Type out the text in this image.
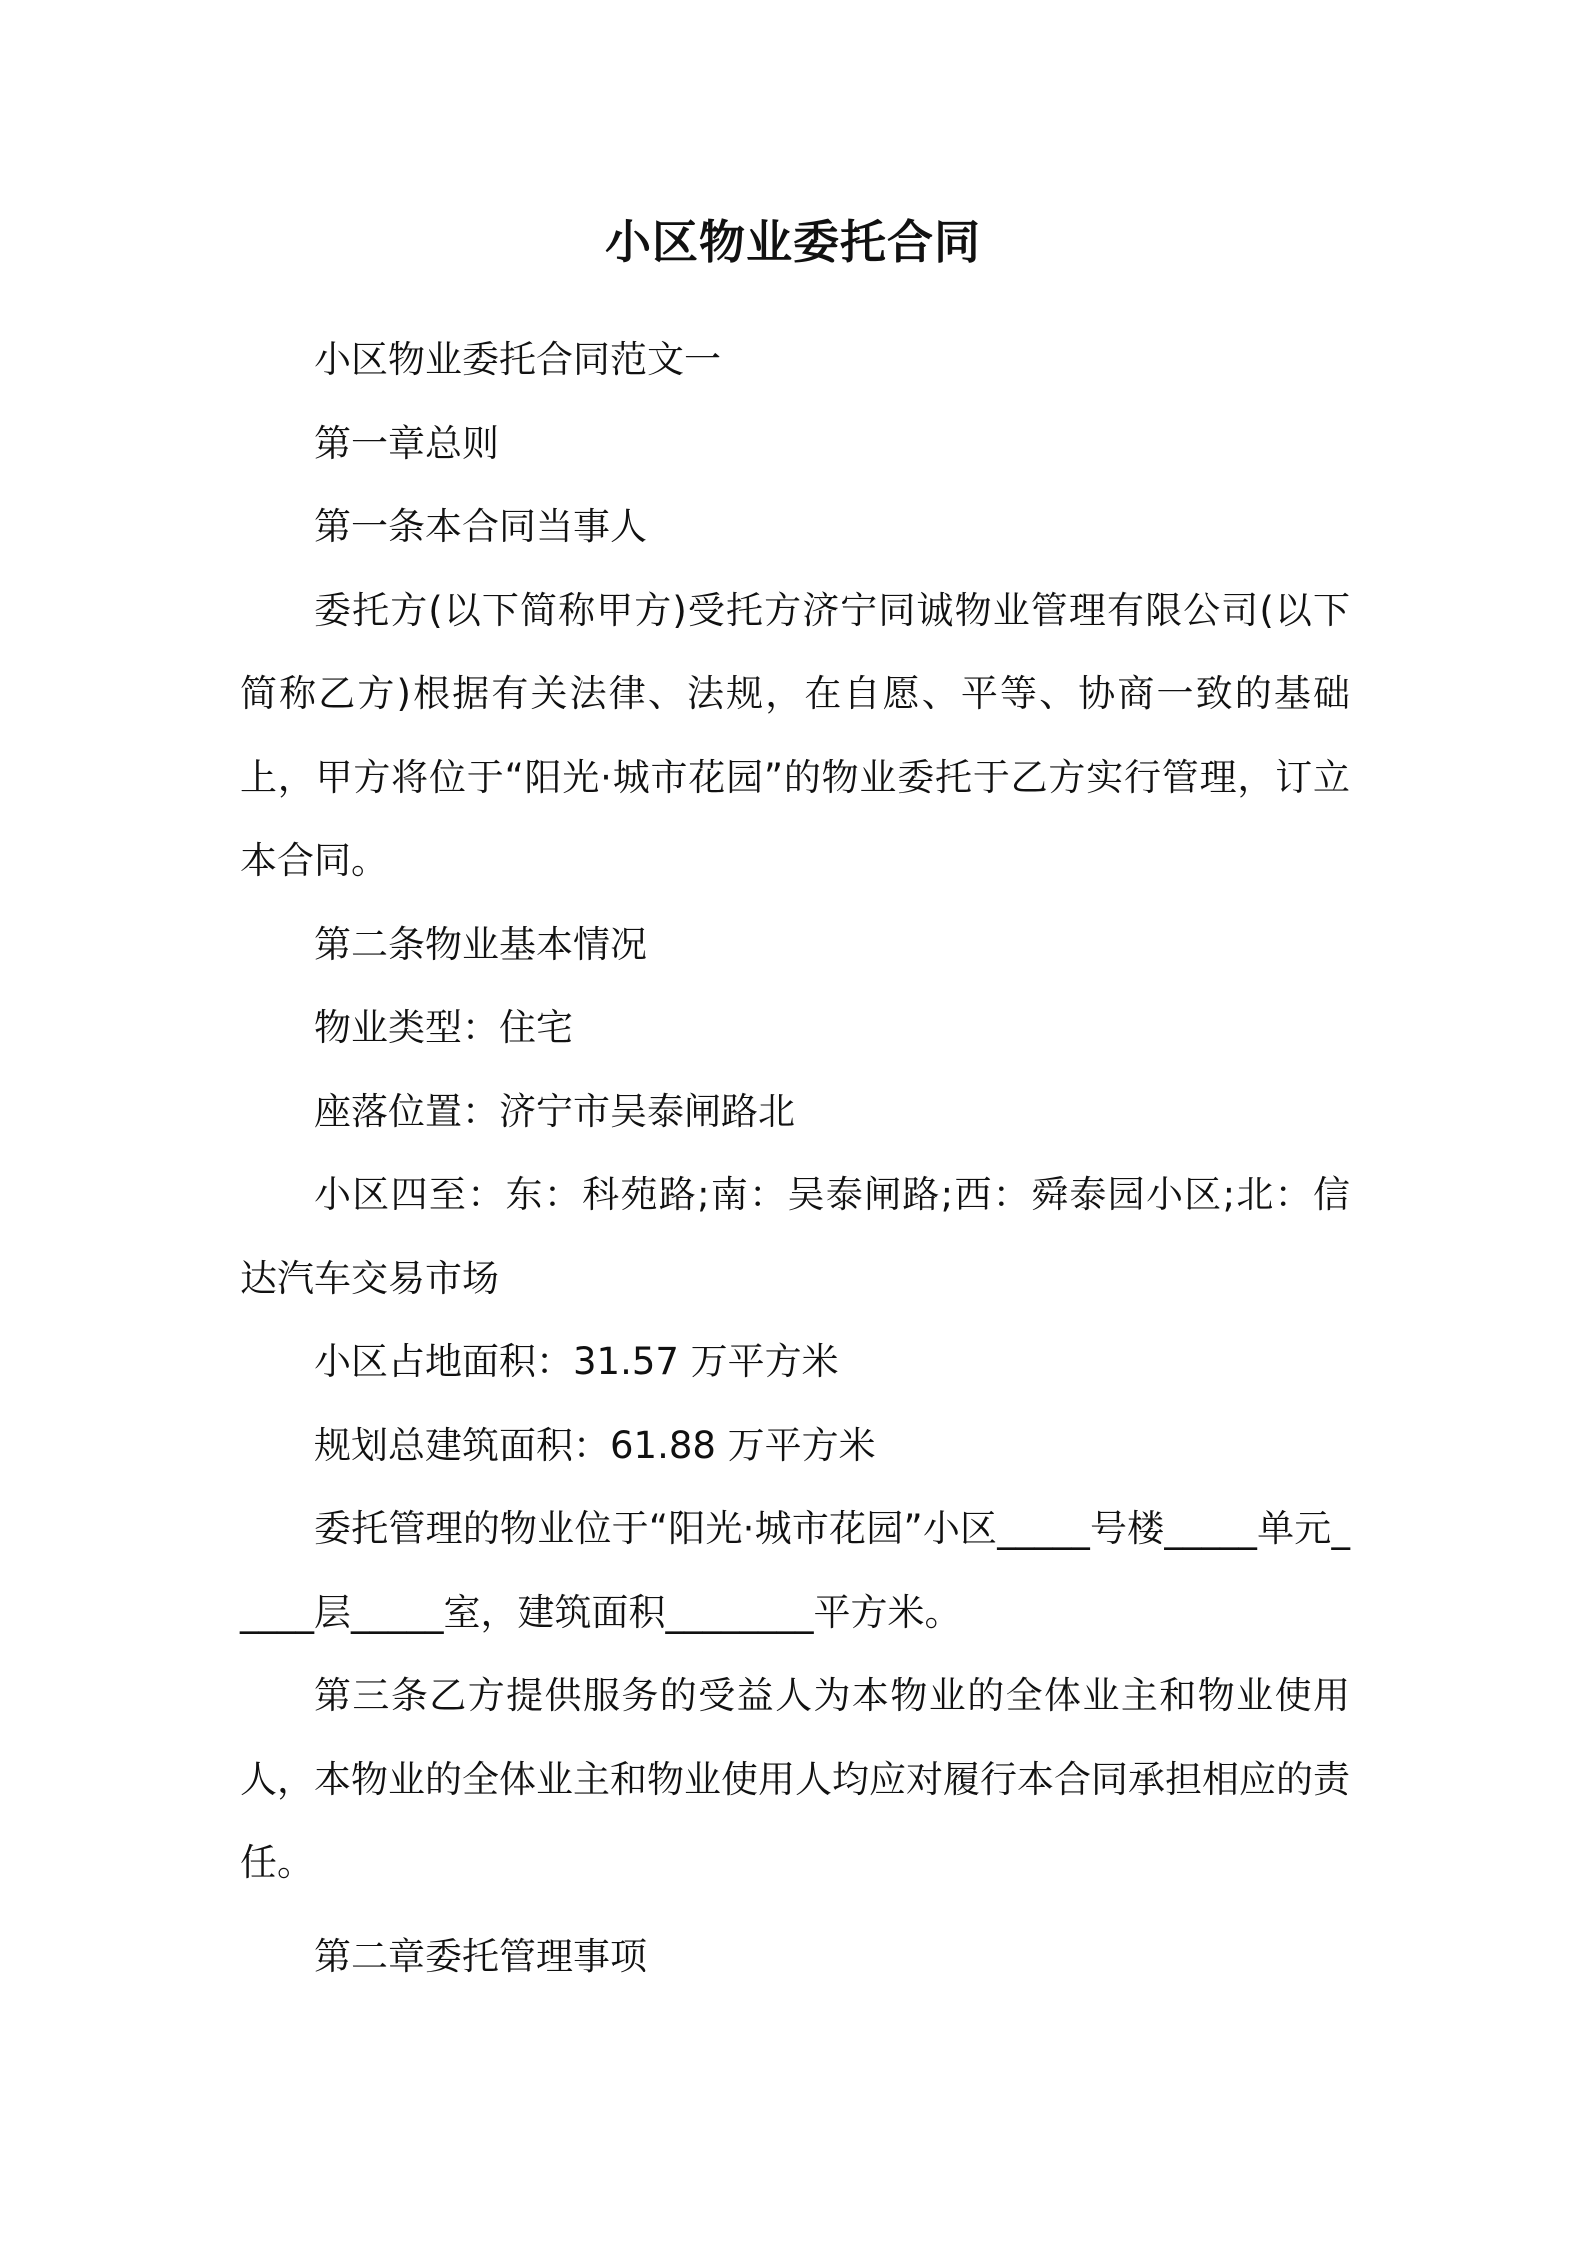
小区物业委托合同

小区物业委托合同范文一

第一章总则

第一条本合同当事人

委托方(以下简称甲方)受托方济宁同诚物业管理有限公司(以下简称乙方)根据有关法律、法规，在自愿、平等、协商一致的基础上，甲方将位于“阳光·城市花园”的物业委托于乙方实行管理，订立本合同。

第二条物业基本情况

物业类型：住宅

座落位置：济宁市吴泰闸路北

小区四至：东：科苑路;南：吴泰闸路;西：舜泰园小区;北：信达汽车交易市场

小区占地面积：31.57 万平方米

规划总建筑面积：61.88 万平方米

委托管理的物业位于“阳光·城市花园”小区_____号楼_____单元_____层_____室，建筑面积________平方米。

第三条乙方提供服务的受益人为本物业的全体业主和物业使用人，本物业的全体业主和物业使用人均应对履行本合同承担相应的责任。

第二章委托管理事项
